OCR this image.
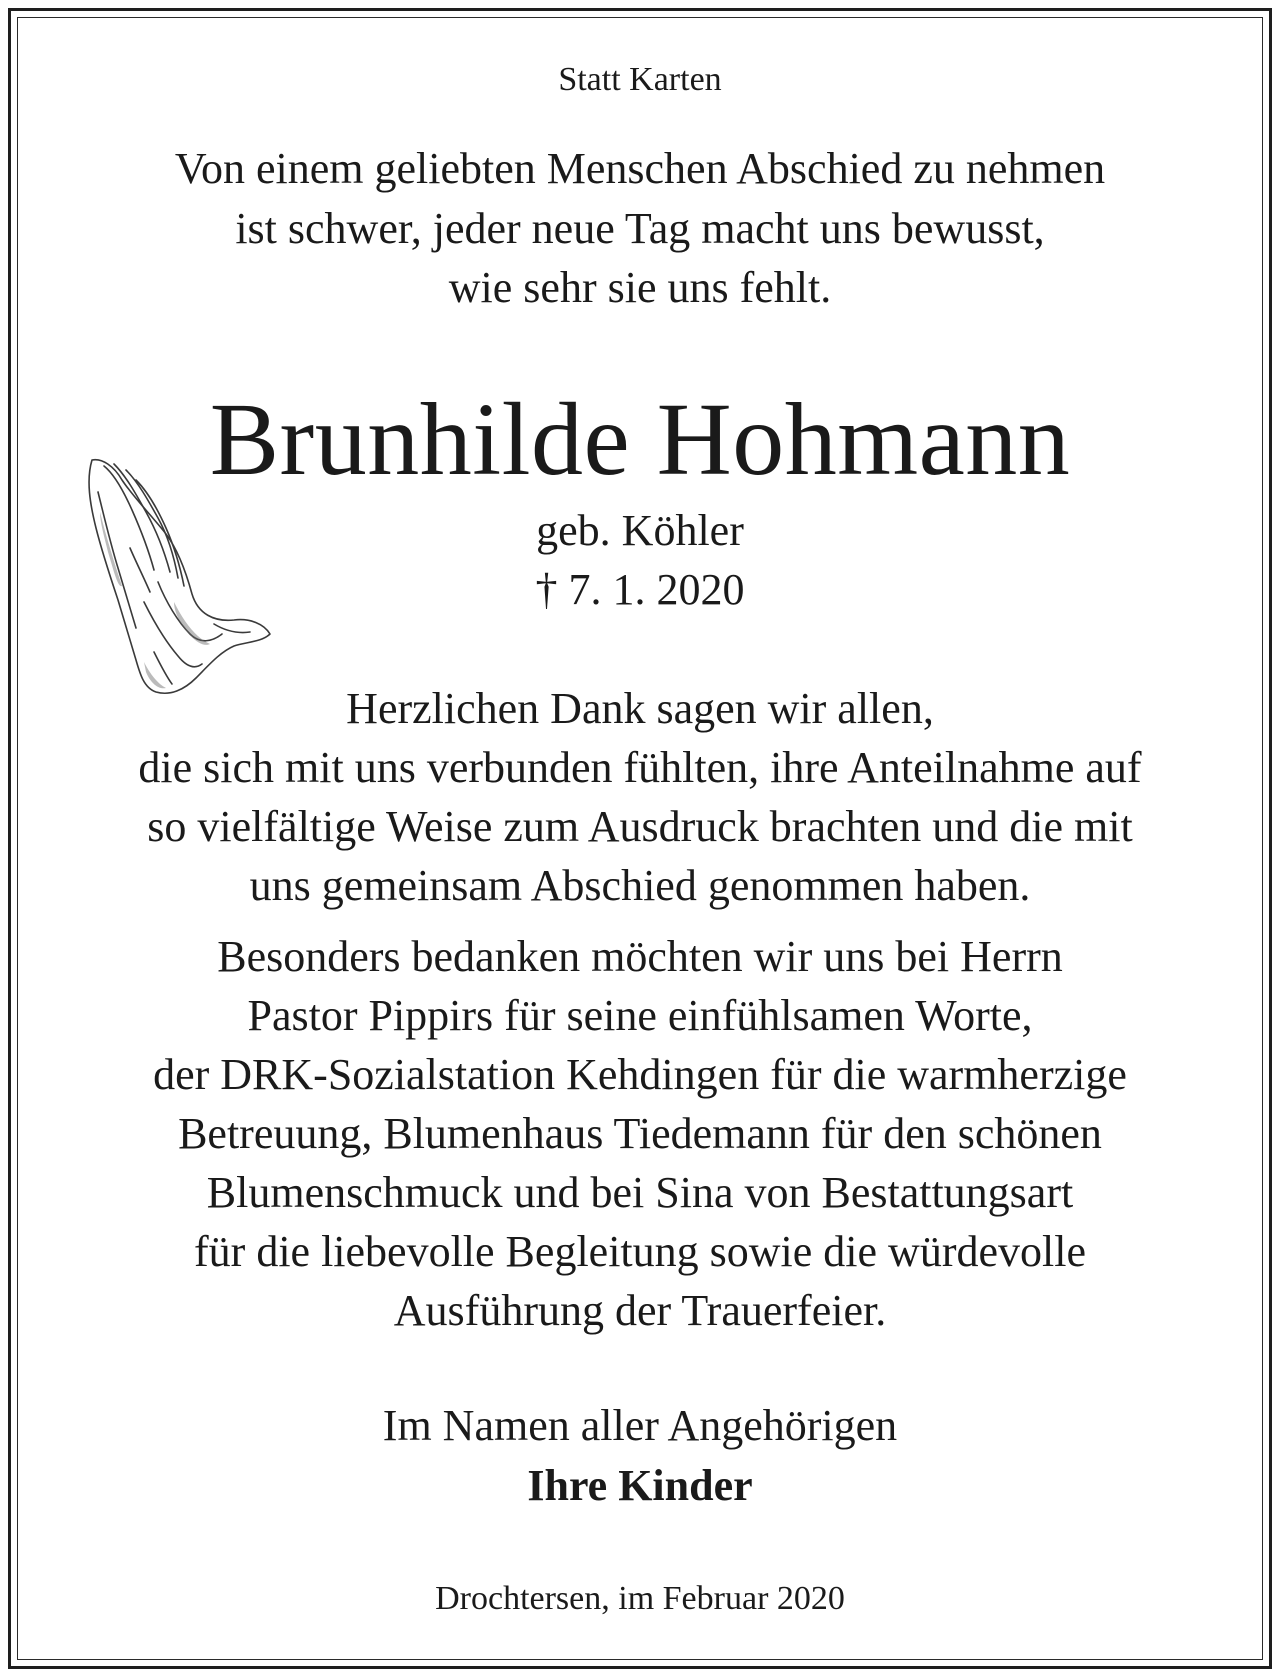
Statt Karten
Von einem geliebten Menschen Abschied zu nehmen
ist schwer, jeder neue Tag macht uns bewusst,
wie sehr sie uns fehlt.
Brunhilde Hohmann
geb. Köhler
† 7. 1. 2020
Herzlichen Dank sagen wir allen,
die sich mit uns verbunden fühlten, ihre Anteilnahme auf
so vielfältige Weise zum Ausdruck brachten und die mit
uns gemeinsam Abschied genommen haben.
Besonders bedanken möchten wir uns bei Herrn
Pastor Pippirs für seine einfühlsamen Worte,
der DRK-Sozialstation Kehdingen für die warmherzige
Betreuung, Blumenhaus Tiedemann für den schönen
Blumenschmuck und bei Sina von Bestattungsart
für die liebevolle Begleitung sowie die würdevolle
Ausführung der Trauerfeier.
Im Namen aller Angehörigen
Ihre Kinder
Drochtersen, im Februar 2020
